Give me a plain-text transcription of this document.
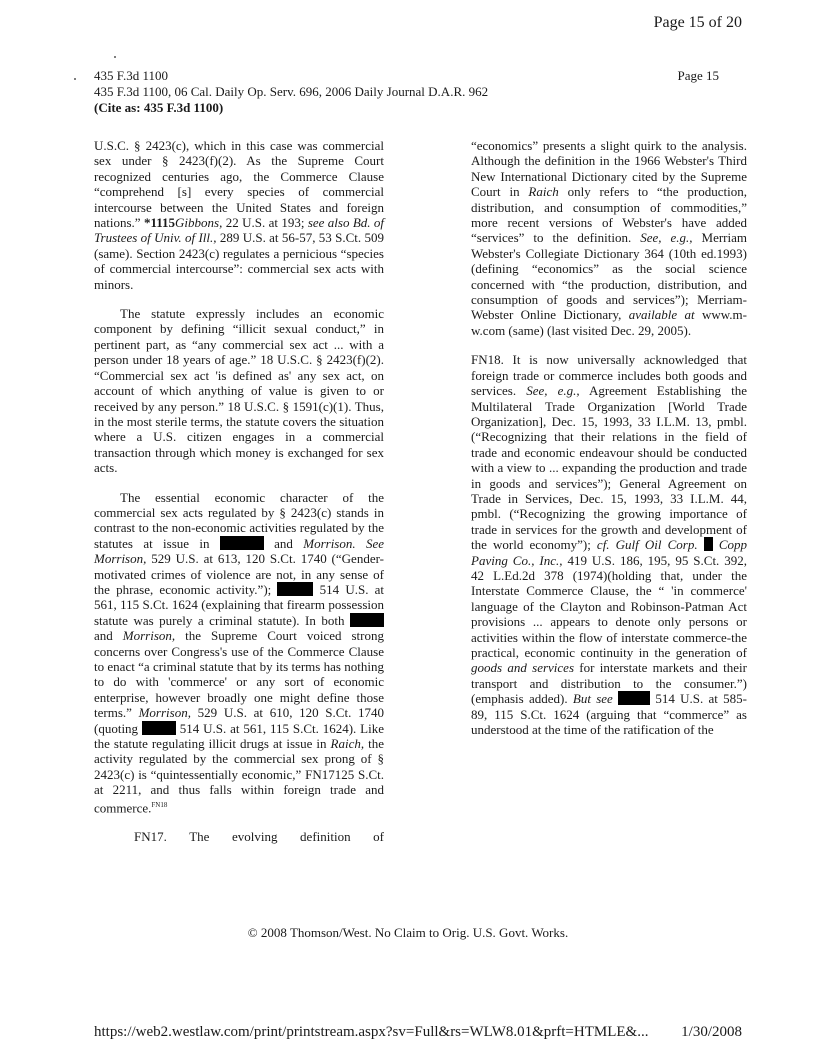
Page 15 of 20
435 F.3d 1100
435 F.3d 1100, 06 Cal. Daily Op. Serv. 696, 2006 Daily Journal D.A.R. 962
(Cite as: 435 F.3d 1100)
Page 15

U.S.C. § 2423(c), which in this case was commercial sex under § 2423(f)(2). As the Supreme Court recognized centuries ago, the Commerce Clause “comprehend [s] every species of commercial intercourse between the United States and foreign nations.” *1115Gibbons, 22 U.S. at 193; see also Bd. of Trustees of Univ. of Ill., 289 U.S. at 56-57, 53 S.Ct. 509 (same). Section 2423(c) regulates a pernicious “species of commercial intercourse”: commercial sex acts with minors.

The statute expressly includes an economic component by defining “illicit sexual conduct,” in pertinent part, as “any commercial sex act ... with a person under 18 years of age.” 18 U.S.C. § 2423(f)(2). “Commercial sex act 'is defined as' any sex act, on account of which anything of value is given to or received by any person.” 18 U.S.C. § 1591(c)(1). Thus, in the most sterile terms, the statute covers the situation where a U.S. citizen engages in a commercial transaction through which money is exchanged for sex acts.

The essential economic character of the commercial sex acts regulated by § 2423(c) stands in contrast to the non-economic activities regulated by the statutes at issue in	and Morrison. See Morrison, 529 U.S. at 613, 120 S.Ct. 1740 (“Gender-motivated crimes of violence are not, in any sense of the phrase, economic activity.”);	514 U.S. at 561, 115 S.Ct. 1624 (explaining that firearm possession statute was purely a criminal statute). In both  and Morrison, the Supreme Court voiced strong concerns over Congress's use of the Commerce Clause to enact “a criminal statute that by its terms has nothing to do with 'commerce' or any sort of economic enterprise, however broadly one might define those terms.” Morrison, 529 U.S. at 610, 120 S.Ct. 1740 (quoting	514 U.S. at 561, 115 S.Ct. 1624). Like the statute regulating illicit drugs at issue in Raich, the activity regulated by the commercial sex prong of § 2423(c) is “quintessentially economic,” FN17125 S.Ct. at 2211, and thus falls within foreign trade and commerce.$^{FN18}$

FN17. The evolving definition of

“economics” presents a slight quirk to the analysis. Although the definition in the 1966 Webster's Third New International Dictionary cited by the Supreme Court in Raich only refers to “the production, distribution, and consumption of commodities,” more recent versions of Webster's have added “services” to the definition. See, e.g., Merriam Webster's Collegiate Dictionary 364 (10th ed.1993) (defining “economics” as the social science concerned with “the production, distribution, and consumption of goods and services”); Merriam-Webster Online Dictionary, available at www.m-w.com (same) (last visited Dec. 29, 2005).

FN18. It is now universally acknowledged that foreign trade or commerce includes both goods and services. See, e.g., Agreement Establishing the Multilateral Trade Organization [World Trade Organization], Dec. 15, 1993, 33 I.L.M. 13, pmbl. (“Recognizing that their relations in the field of trade and economic endeavour should be conducted with a view to ... expanding the production and trade in goods and services”); General Agreement on Trade in Services, Dec. 15, 1993, 33 I.L.M. 44, pmbl. (“Recognizing the growing importance of trade in services for the growth and development of the world economy”); cf. Gulf Oil Corp. Copp Paving Co., Inc., 419 U.S. 186, 195, 95 S.Ct. 392, 42 L.Ed.2d 378 (1974)(holding that, under the Interstate Commerce Clause, the “ 'in commerce' language of the Clayton and Robinson-Patman Act provisions ... appears to denote only persons or activities within the flow of interstate commerce-the practical, economic continuity in the generation of goods and services for interstate markets and their transport and distribution to the consumer.”) (emphasis added). But see	514 U.S. at 585-89, 115 S.Ct. 1624 (arguing that “commerce” as understood at the time of the ratification of the

© 2008 Thomson/West. No Claim to Orig. U.S. Govt. Works.
https://web2.westlaw.com/print/printstream.aspx?sv=Full&rs=WLW8.01&prft=HTMLE&... 1/30/2008
